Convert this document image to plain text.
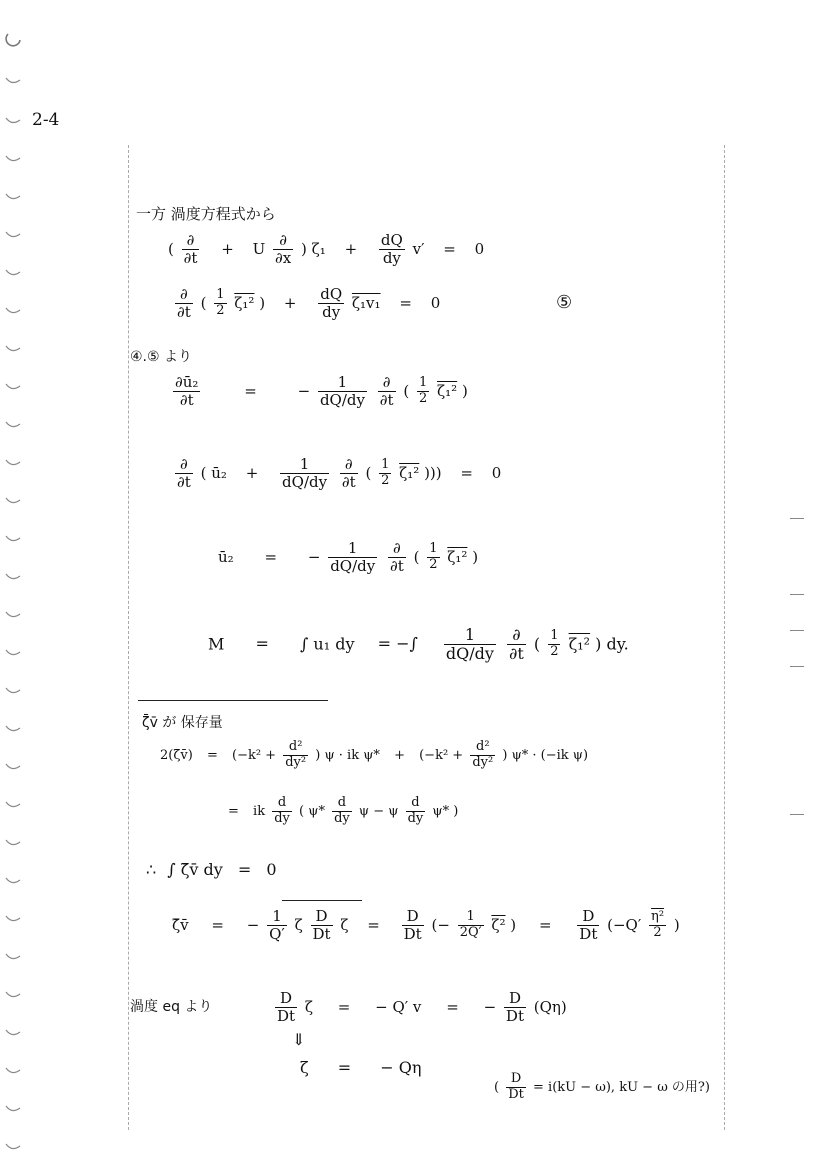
2-4
一方 渦度方程式から
( $\frac{\partial}{\partial t} + U \frac{\partial}{\partial x}$ ) $\zeta_1 + \frac{dQ}{dy} v' = 0$
$\frac{\partial}{\partial t}$ ( $\frac{1}{2} \zeta_1^2$ ) + $\frac{dQ}{dy} \zeta_1v_1 = 0$	⑤
④.⑤ より
$\frac{\text{∂ū₂}}{\partial t}$	=	− $\frac{1}{dQ/dy}$
$\frac{\partial}{\partial t}$ ( $\frac{1}{2} \zeta_1^2$ )
$\frac{\partial}{\partial t}$ ( ū₂ + $\frac{1}{dQ/dy}$
$\frac{\partial}{\partial t}$ ( $\frac{1}{2} \zeta_1^2$ ))) = 0
ū₂ = − $\frac{1}{dQ/dy}$
$\frac{\partial}{\partial t}$ ( $\frac{1}{2} \zeta_1^2$ )
M = ∫ u₁ dy = −∫ $\frac{1}{dQ/dy}$
$\frac{\partial}{\partial t}$ ( $\frac{1}{2} \zeta_1^2$ ) dy.
ζ̄v̄ が 保存量
2(ζ̄v̄) = ($-k^2 + \frac{\text{d²}}{\text{dy²}}$ ) ψ · ik $\psi* + (-k^2 + \frac{\text{d²}}{\text{dy²}}$ ) ψ* · (−ik ψ)
= ik $\frac{d}{dy}$ ( $\psi* \frac{d}{dy}$ ψ − ψ $\frac{d}{dy} \psi*$ )
∴ ∫ ζ̄v̄ dy = 0
ζ̄v̄ = − $\frac{1}{Q'}$ ζ $\frac{D}{Dt}$ $\zeta = \frac{D}{Dt}$ (− $\frac{1}{2Q'} \zeta^2$ ) = $\frac{D}{Dt} (-Q' \frac{\text{η²}}{2}$ )
渦度 eq より	$\frac{D}{Dt}$ ζ = − Q′ v = − $\frac{D}{Dt} (Q\eta)$
⇓
ζ = − Qη
( $\frac{D}{Dt} = i(kU - \omega)$, kU − ω の用?)
